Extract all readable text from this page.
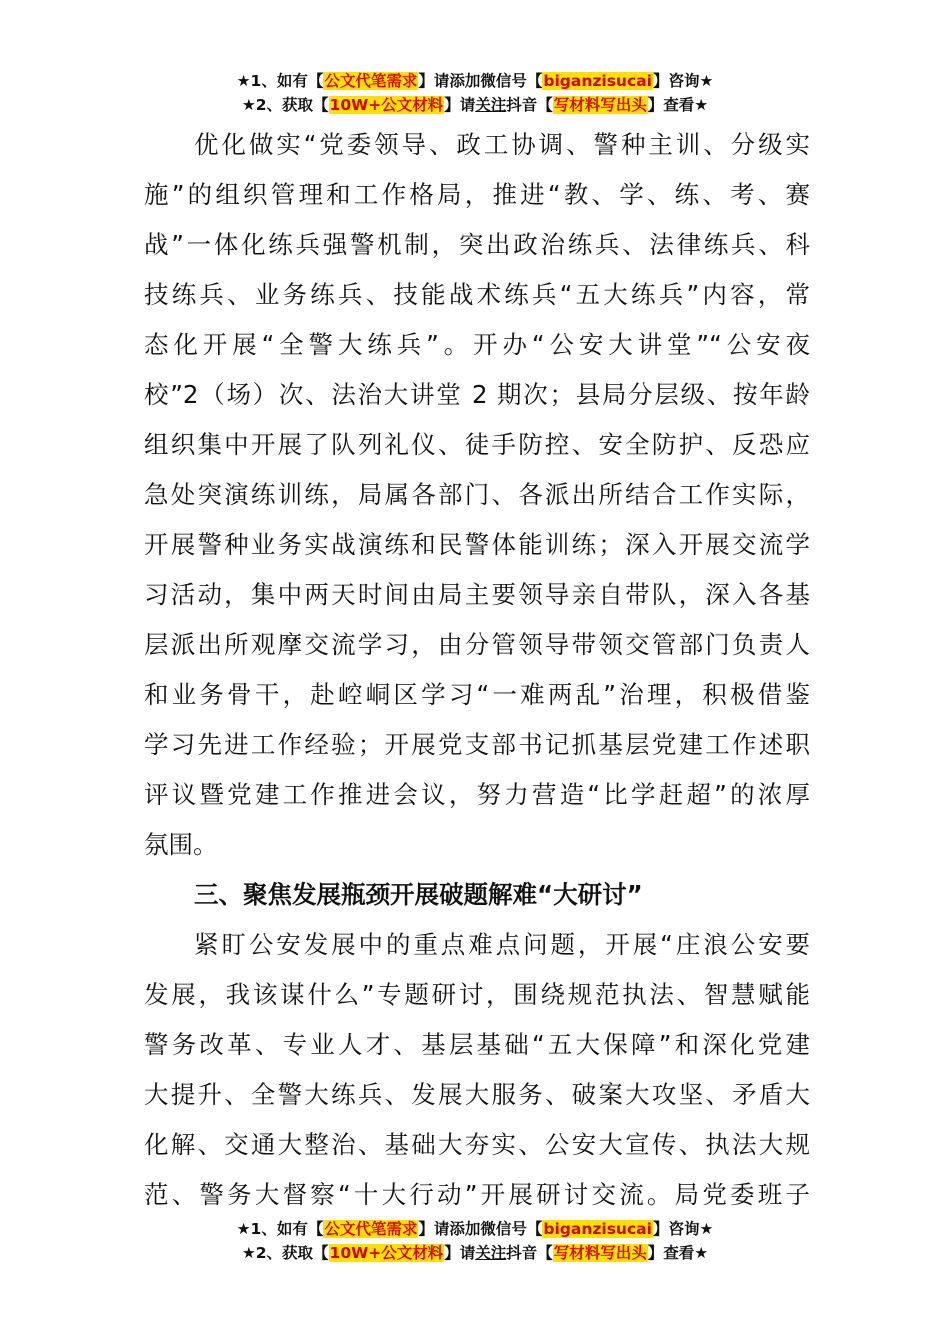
★1、如有【公文代笔需求】请添加微信号【biganzisucai】咨询★
★2、获取【10W+公文材料】请关注抖音【写材料写出头】查看★
优化做实“党委领导、政工协调、警种主训、分级实
施”的组织管理和工作格局，推进“教、学、练、考、赛
战”一体化练兵强警机制，突出政治练兵、法律练兵、科
技练兵、业务练兵、技能战术练兵“五大练兵”内容，常
态化开展“全警大练兵”。开办“公安大讲堂”“公安夜
校”2（场）次、法治大讲堂 2 期次；县局分层级、按年龄
组织集中开展了队列礼仪、徒手防控、安全防护、反恐应
急处突演练训练，局属各部门、各派出所结合工作实际，
开展警种业务实战演练和民警体能训练；深入开展交流学
习活动，集中两天时间由局主要领导亲自带队，深入各基
层派出所观摩交流学习，由分管领导带领交管部门负责人
和业务骨干，赴崆峒区学习“一难两乱”治理，积极借鉴
学习先进工作经验；开展党支部书记抓基层党建工作述职
评议暨党建工作推进会议，努力营造“比学赶超”的浓厚
氛围。
三、聚焦发展瓶颈开展破题解难“大研讨”
紧盯公安发展中的重点难点问题，开展“庄浪公安要
发展，我该谋什么”专题研讨，围绕规范执法、智慧赋能
警务改革、专业人才、基层基础“五大保障”和深化党建
大提升、全警大练兵、发展大服务、破案大攻坚、矛盾大
化解、交通大整治、基础大夯实、公安大宣传、执法大规
范、警务大督察“十大行动”开展研讨交流。局党委班子
★1、如有【公文代笔需求】请添加微信号【biganzisucai】咨询★
★2、获取【10W+公文材料】请关注抖音【写材料写出头】查看★
